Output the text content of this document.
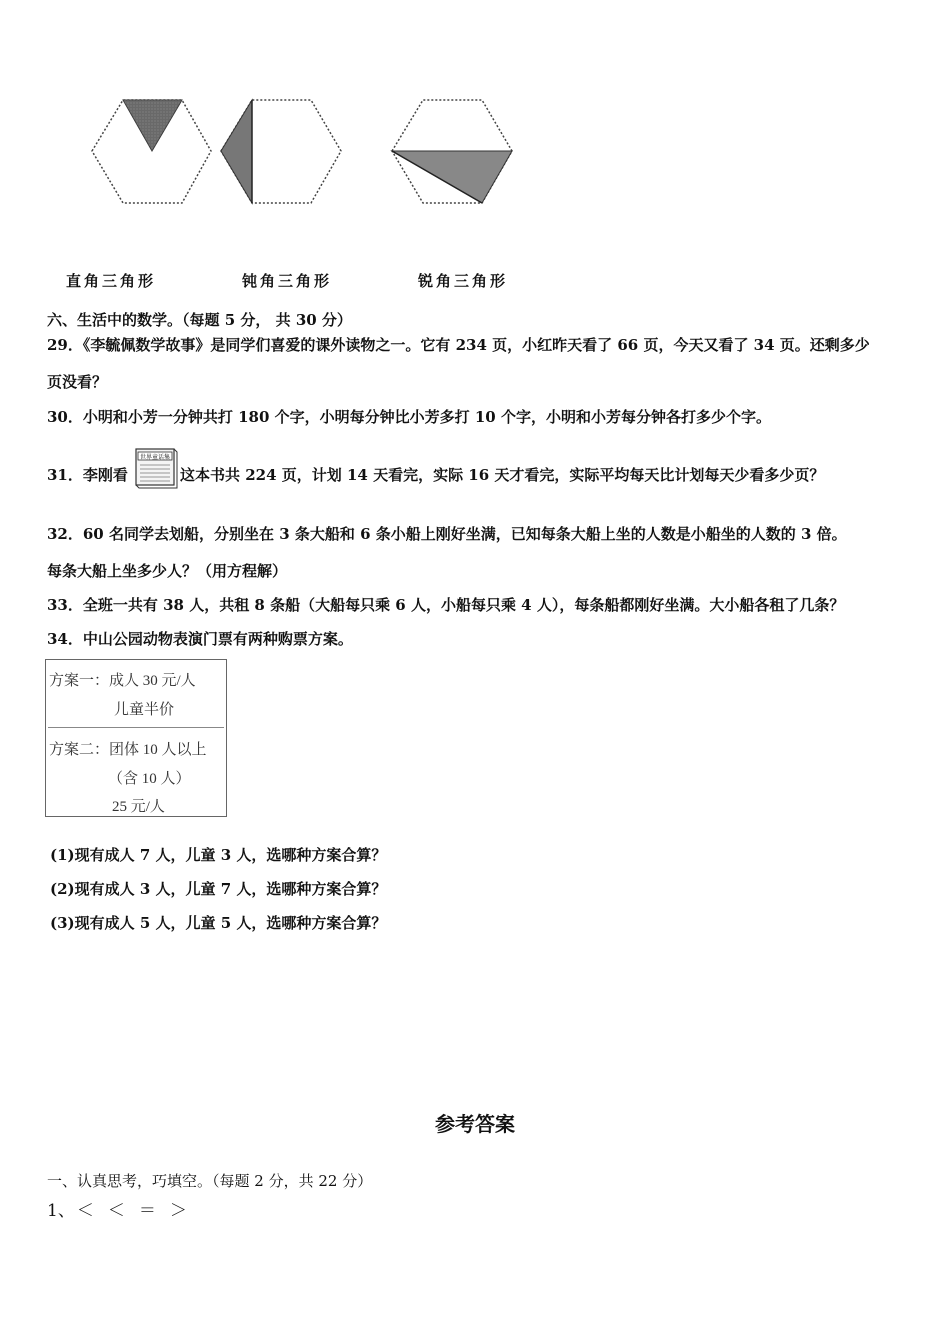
直角三角形	钝角三角形	锐角三角形
六、生活中的数学。（每题 5 分， 共 30 分）
29．《李毓佩数学故事》是同学们喜爱的课外读物之一。它有 234 页，小红昨天看了 66 页，今天又看了 34 页。还剩多少
页没看？
30．小明和小芳一分钟共打 180 个字，小明每分钟比小芳多打 10 个字，小明和小芳每分钟各打多少个字。
31．李刚看
世界童话集
这本书共 224 页，计划 14 天看完，实际 16 天才看完，实际平均每天比计划每天少看多少页？
32．60 名同学去划船，分别坐在 3 条大船和 6 条小船上刚好坐满，已知每条大船上坐的人数是小船坐的人数的 3 倍。
每条大船上坐多少人？（用方程解）
33．全班一共有 38 人，共租 8 条船（大船每只乘 6 人，小船每只乘 4 人），每条船都刚好坐满。大小船各租了几条？
34．中山公园动物表演门票有两种购票方案。
方案一：成人 30 元/人
儿童半价
方案二：团体 10 人以上
（含 10 人）
25 元/人
(1)现有成人 7 人，儿童 3 人，选哪种方案合算？
(2)现有成人 3 人，儿童 7 人，选哪种方案合算？
(3)现有成人 5 人，儿童 5 人，选哪种方案合算？
参考答案
一、认真思考，巧填空。（每题 2 分，共 22 分）
1、 ＜ ＜ ＝ ＞
